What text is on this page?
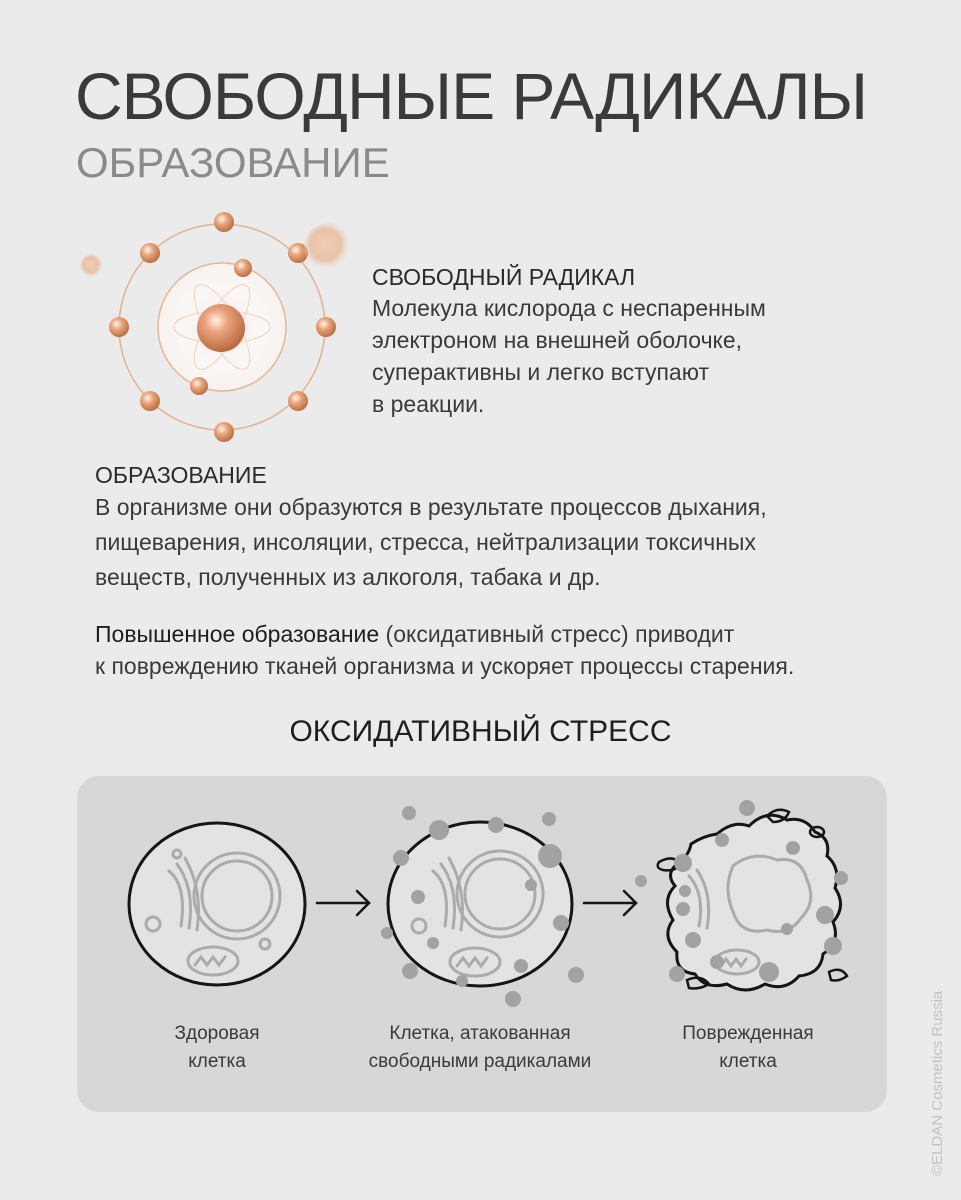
СВОБОДНЫЕ РАДИКАЛЫ
ОБРАЗОВАНИЕ
СВОБОДНЫЙ РАДИКАЛ
Молекула кислорода с неспаренным
электроном на внешней оболочке,
суперактивны и легко вступают
в реакции.
ОБРАЗОВАНИЕ
В организме они образуются в результате процессов дыхания,
пищеварения, инсоляции, стресса, нейтрализации токсичных
веществ, полученных из алкоголя, табака и др.
Повышенное образование (оксидативный стресс) приводит
к повреждению тканей организма и ускоряет процессы старения.
ОКСИДАТИВНЫЙ СТРЕСС
Здоровая
клетка
Клетка, атакованная
свободными радикалами
Поврежденная
клетка	©ELDAN Cosmetics Russia
